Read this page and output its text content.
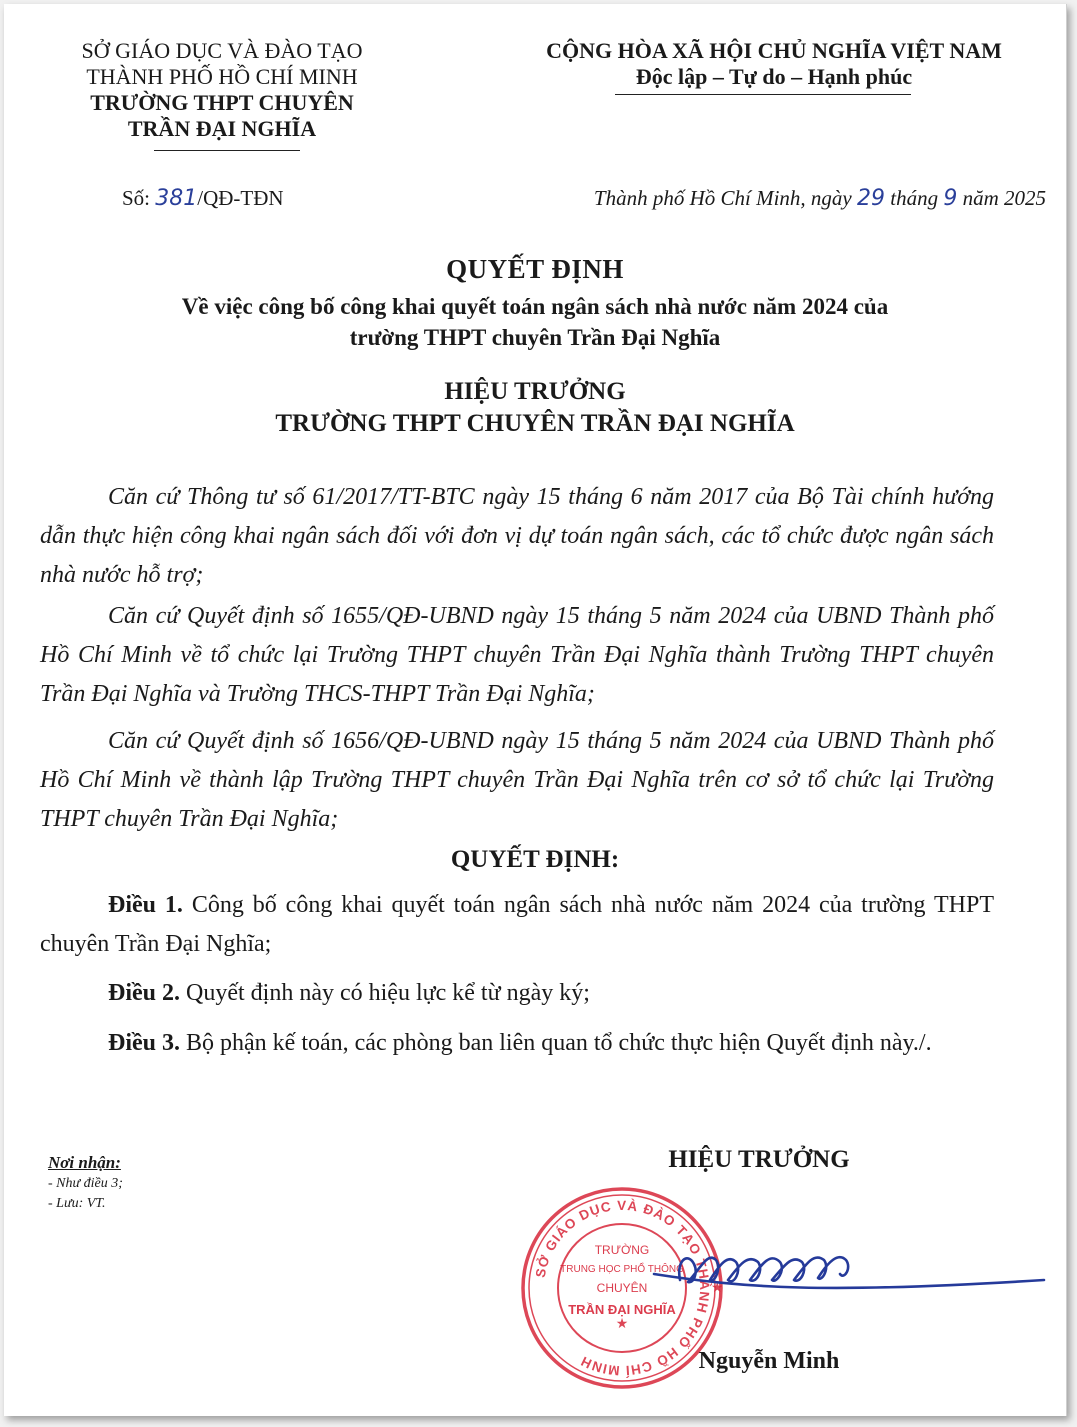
SỞ GIÁO DỤC VÀ ĐÀO TẠO
THÀNH PHỐ HỒ CHÍ MINH
TRƯỜNG THPT CHUYÊN
TRẦN ĐẠI NGHĨA
CỘNG HÒA XÃ HỘI CHỦ NGHĨA VIỆT NAM
Độc lập – Tự do – Hạnh phúc
Số: 381/QĐ-TĐN	Thành phố Hồ Chí Minh, ngày 29 tháng 9 năm 2025
QUYẾT ĐỊNH
Về việc công bố công khai quyết toán ngân sách nhà nước năm 2024 của
trường THPT chuyên Trần Đại Nghĩa
HIỆU TRƯỞNG
TRƯỜNG THPT CHUYÊN TRẦN ĐẠI NGHĨA
Căn cứ Thông tư số 61/2017/TT-BTC ngày 15 tháng 6 năm 2017 của Bộ Tài chính hướng dẫn thực hiện công khai ngân sách đối với đơn vị dự toán ngân sách, các tổ chức được ngân sách nhà nước hỗ trợ;
Căn cứ Quyết định số 1655/QĐ-UBND ngày 15 tháng 5 năm 2024 của UBND Thành phố Hồ Chí Minh về tổ chức lại Trường THPT chuyên Trần Đại Nghĩa thành Trường THPT chuyên Trần Đại Nghĩa và Trường THCS-THPT Trần Đại Nghĩa;
Căn cứ Quyết định số 1656/QĐ-UBND ngày 15 tháng 5 năm 2024 của UBND Thành phố Hồ Chí Minh về thành lập Trường THPT chuyên Trần Đại Nghĩa trên cơ sở tổ chức lại Trường THPT chuyên Trần Đại Nghĩa;
QUYẾT ĐỊNH:
Điều 1. Công bố công khai quyết toán ngân sách nhà nước năm 2024 của trường THPT chuyên Trần Đại Nghĩa;
Điều 2. Quyết định này có hiệu lực kể từ ngày ký;
Điều 3. Bộ phận kế toán, các phòng ban liên quan tổ chức thực hiện Quyết định này./.
Nơi nhận:
- Như điều 3;
- Lưu: VT.
HIỆU TRƯỞNG
SỞ GIÁO DỤC VÀ ĐÀO TẠO THÀNH PHỐ HỒ CHÍ MINH
★
★
TRƯỜNG
TRUNG HỌC PHỔ THÔNG
CHUYÊN
TRẦN ĐẠI NGHĨA
Nguyễn Minh
